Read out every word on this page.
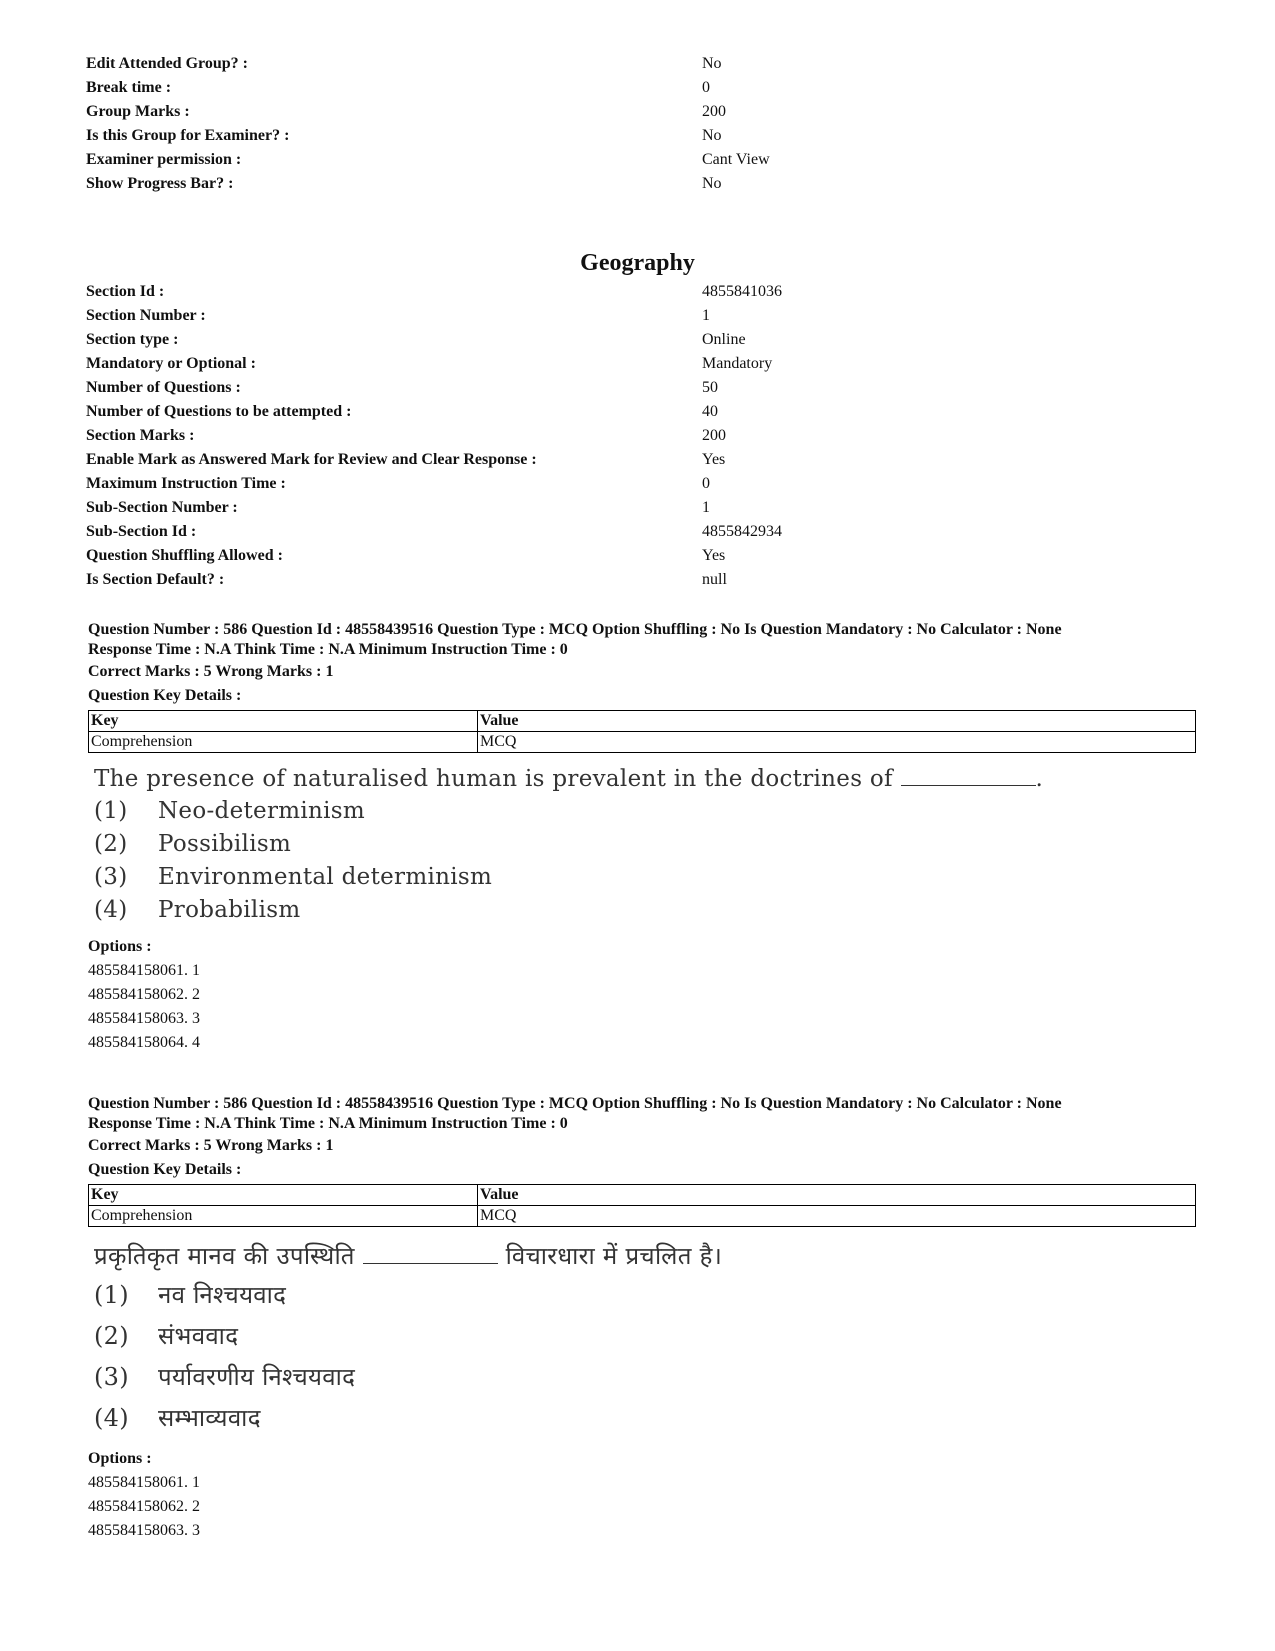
Edit Attended Group? :	No
Break time :	0
Group Marks :	200
Is this Group for Examiner? :	No
Examiner permission :	Cant View
Show Progress Bar? :	No
Geography
Section Id :	4855841036
Section Number :	1
Section type :	Online
Mandatory or Optional :	Mandatory
Number of Questions :	50
Number of Questions to be attempted :	40
Section Marks :	200
Enable Mark as Answered Mark for Review and Clear Response :	Yes
Maximum Instruction Time :	0
Sub-Section Number :	1
Sub-Section Id :	4855842934
Question Shuffling Allowed :	Yes
Is Section Default? :	null
Question Number : 586 Question Id : 48558439516 Question Type : MCQ Option Shuffling : No Is Question Mandatory : No Calculator : None
Response Time : N.A Think Time : N.A Minimum Instruction Time : 0
Correct Marks : 5 Wrong Marks : 1
Question Key Details :
Key	Value
Comprehension	MCQ
The presence of naturalised human is prevalent in the doctrines of	.
(1) Neo-determinism
(2) Possibilism
(3) Environmental determinism
(4) Probabilism
Options :
485584158061. 1
485584158062. 2
485584158063. 3
485584158064. 4
Question Number : 586 Question Id : 48558439516 Question Type : MCQ Option Shuffling : No Is Question Mandatory : No Calculator : None
Response Time : N.A Think Time : N.A Minimum Instruction Time : 0
Correct Marks : 5 Wrong Marks : 1
Question Key Details :
Key	Value
Comprehension	MCQ
प्रकृतिकृत मानव की उपस्थिति	विचारधारा में प्रचलित है।
(1) नव निश्चयवाद
(2) संभववाद
(3) पर्यावरणीय निश्चयवाद
(4) सम्भाव्यवाद
Options :
485584158061. 1
485584158062. 2
485584158063. 3
